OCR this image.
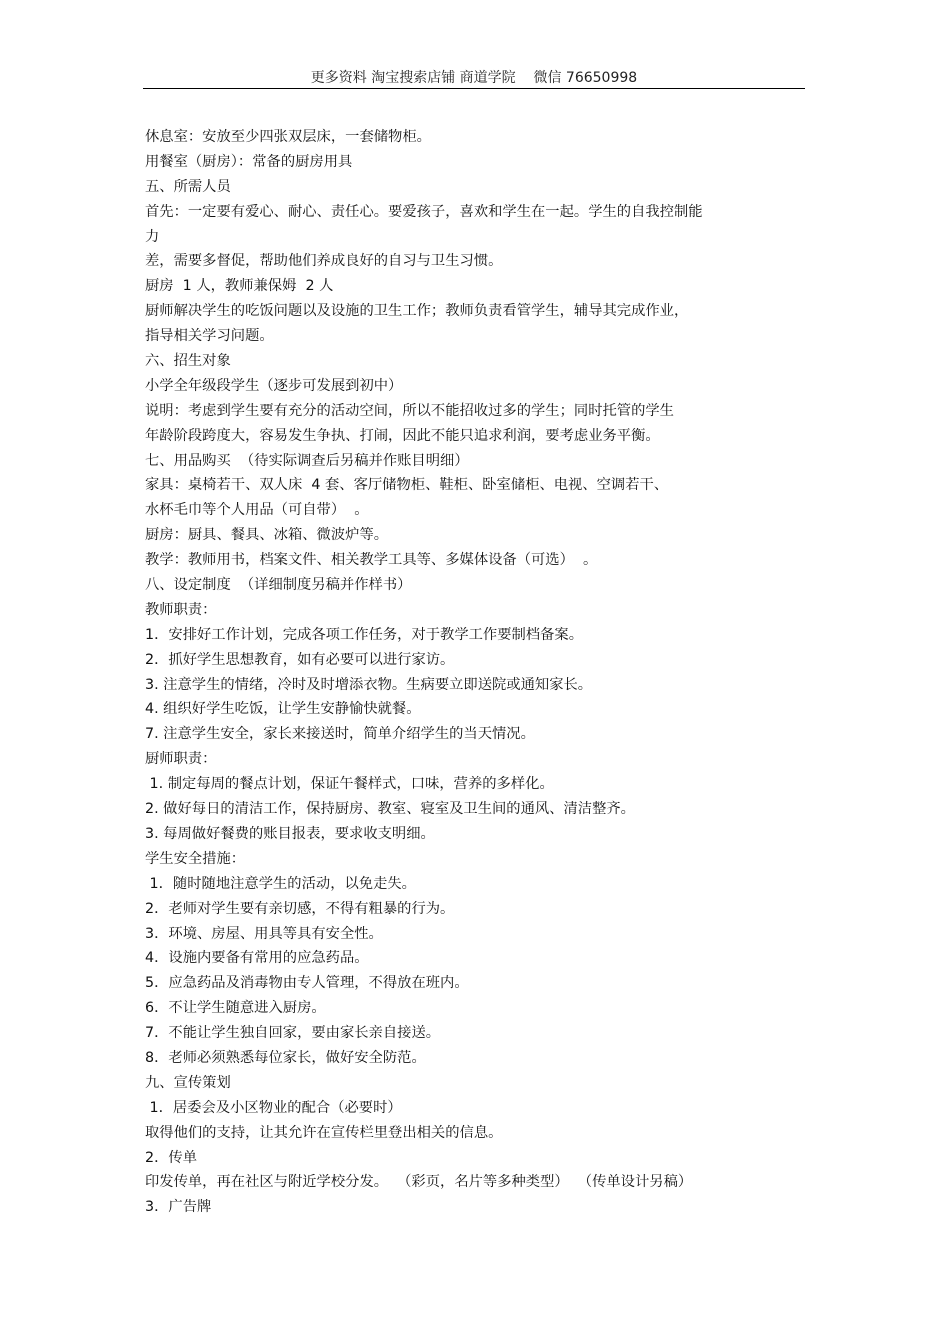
更多资料 淘宝搜索店铺 商道学院    微信 76650998
休息室：安放至少四张双层床，一套储物柜。
用餐室（厨房）：常备的厨房用具
五、所需人员
首先：一定要有爱心、耐心、责任心。要爱孩子，喜欢和学生在一起。学生的自我控制能
力
差，需要多督促，帮助他们养成良好的自习与卫生习惯。
厨房  1 人，教师兼保姆  2 人
厨师解决学生的吃饭问题以及设施的卫生工作；教师负责看管学生，辅导其完成作业，
指导相关学习问题。
六、招生对象
小学全年级段学生（逐步可发展到初中）
说明：考虑到学生要有充分的活动空间，所以不能招收过多的学生；同时托管的学生
年龄阶段跨度大，容易发生争执、打闹，因此不能只追求利润，要考虑业务平衡。
七、用品购买  （待实际调查后另稿并作账目明细）
家具：桌椅若干、双人床  4 套、客厅储物柜、鞋柜、卧室储柜、电视、空调若干、
水杯毛巾等个人用品（可自带）  。
厨房：厨具、餐具、冰箱、微波炉等。
教学：教师用书，档案文件、相关教学工具等、多媒体设备（可选）  。
八、设定制度  （详细制度另稿并作样书）
教师职责：
1．安排好工作计划，完成各项工作任务，对于教学工作要制档备案。
2．抓好学生思想教育，如有必要可以进行家访。
3. 注意学生的情绪，冷时及时增添衣物。生病要立即送院或通知家长。
4. 组织好学生吃饭，让学生安静愉快就餐。
7. 注意学生安全，家长来接送时，简单介绍学生的当天情况。
厨师职责：
1. 制定每周的餐点计划，保证午餐样式，口味，营养的多样化。
2. 做好每日的清洁工作，保持厨房、教室、寝室及卫生间的通风、清洁整齐。
3. 每周做好餐费的账目报表，要求收支明细。
学生安全措施：
1．随时随地注意学生的活动，以免走失。
2．老师对学生要有亲切感，不得有粗暴的行为。
3．环境、房屋、用具等具有安全性。
4．设施内要备有常用的应急药品。
5．应急药品及消毒物由专人管理，不得放在班内。
6．不让学生随意进入厨房。
7．不能让学生独自回家，要由家长亲自接送。
8．老师必须熟悉每位家长，做好安全防范。
九、宣传策划
1．居委会及小区物业的配合（必要时）
取得他们的支持，让其允许在宣传栏里登出相关的信息。
2．传单
印发传单，再在社区与附近学校分发。  （彩页，名片等多种类型）  （传单设计另稿）
3．广告牌
